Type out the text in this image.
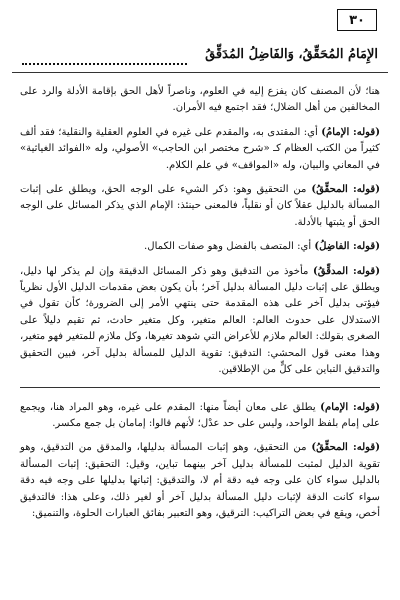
٣٠
الإِمَامُ المُحَقِّقُ، وَالفَاضِلُ المُدَقِّقُ

هنا؛ لأن المصنف كان يفزع إليه في العلوم، وناصراً لأهل الحق بإقامة الأدلة والرد على المخالفين من أهل الضلال؛ فقد اجتمع فيه الأمران.

(قوله: الإمامُ) أي: المقتدى به، والمقدم على غيره في العلوم العقلية والنقلية؛ فقد ألف كثيراً من الكتب العظام كـ «شرح مختصر ابن الحاجب» الأصولي، وله «الفوائد الغياثية» في المعاني والبيان، وله «المواقف» في علم الكلام.

(قوله: المحقِّقُ) من التحقيق وهو: ذكر الشيء على الوجه الحق، ويطلق على إثبات المسألة بالدليل عقلاً كان أو نقلياً، فالمعنى حينئذ: الإمام الذي يذكر المسائل على الوجه الحق أو يثبتها بالأدلة.

(قوله: الفاضِلُ) أي: المتصف بالفضل وهو صفات الكمال.

(قوله: المدقِّقُ) مأخوذ من التدقيق وهو ذكر المسائل الدقيقة وإن لم يذكر لها دليل، ويطلق على إثبات دليل المسألة بدليل آخر؛ بأن يكون بعض مقدمات الدليل الأول نظرياً فيؤتى بدليل آخر على هذه المقدمة حتى ينتهي الأمر إلى الضرورة؛ كأن تقول في الاستدلال على حدوث العالم: العالم متغير، وكل متغير حادث، ثم تقيم دليلاً على الصغرى بقولك: العالم ملازم للأعراض التي شوهد تغيرها، وكل ملازم للمتغير فهو متغير، وهذا معنى قول المحشي: التدقيق: تقوية الدليل للمسألة بدليل آخر، فبين التحقيق والتدقيق التباين على كلٍّ من الإطلاقين.

(قوله: الإمام) يطلق على معان أيضاً منها: المقدم على غيره، وهو المراد هنا، ويجمع على إمام بلفظ الواحد، وليس على حد عدْل؛ لأنهم قالوا: إمامان بل جمع مكسر.

(قوله: المحقِّقُ) من التحقيق، وهو إثبات المسألة بدليلها، والمدقق من التدقيق، وهو تقوية الدليل لمثبت للمسألة بدليل آخر بينهما تباين، وقيل: التحقيق: إثبات المسألة بالدليل سواء كان على وجه فيه دقة أم لا، والتدقيق: إثباتها بدليلها على وجه فيه دقة سواء كانت الدقة لإثبات دليل المسألة بدليل آخر أو لغير ذلك، وعلى هذا: فالتدقيق أخص، ويقع في بعض التراكيب: الترقيق، وهو التعبير بفائق العبارات الحلوة، والتنميق:
